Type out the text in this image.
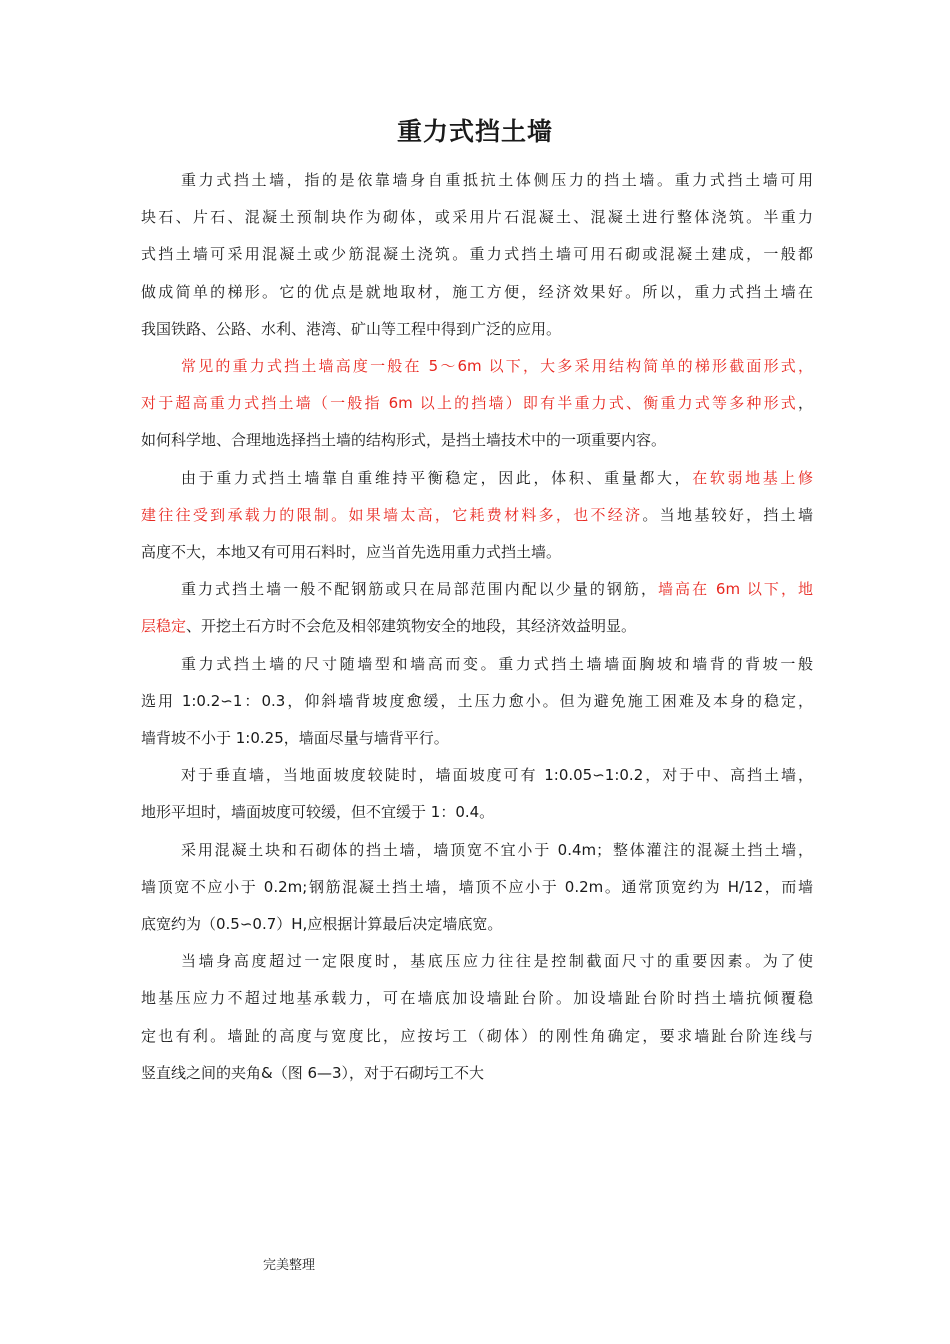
重力式挡土墙
重力式挡土墙，指的是依靠墙身自重抵抗土体侧压力的挡土墙。重力式挡土墙可用
块石、片石、混凝土预制块作为砌体，或采用片石混凝土、混凝土进行整体浇筑。半重力
式挡土墙可采用混凝土或少筋混凝土浇筑。重力式挡土墙可用石砌或混凝土建成，一般都
做成简单的梯形。它的优点是就地取材，施工方便，经济效果好。所以，重力式挡土墙在
我国铁路、公路、水利、港湾、矿山等工程中得到广泛的应用。
常见的重力式挡土墙高度一般在 5～6m 以下，大多采用结构简单的梯形截面形式，
对于超高重力式挡土墙（一般指 6m 以上的挡墙）即有半重力式、衡重力式等多种形式，
如何科学地、合理地选择挡土墙的结构形式，是挡土墙技术中的一项重要内容。
由于重力式挡土墙靠自重维持平衡稳定，因此，体积、重量都大，在软弱地基上修
建往往受到承载力的限制。如果墙太高，它耗费材料多，也不经济。当地基较好，挡土墙
高度不大，本地又有可用石料时，应当首先选用重力式挡土墙。
重力式挡土墙一般不配钢筋或只在局部范围内配以少量的钢筋，墙高在 6m 以下，地
层稳定、开挖土石方时不会危及相邻建筑物安全的地段，其经济效益明显。
重力式挡土墙的尺寸随墙型和墙高而变。重力式挡土墙墙面胸坡和墙背的背坡一般
选用 1:0.2∽1：0.3，仰斜墙背坡度愈缓，土压力愈小。但为避免施工困难及本身的稳定，
墙背坡不小于 1:0.25，墙面尽量与墙背平行。
对于垂直墙，当地面坡度较陡时，墙面坡度可有 1:0.05∽1:0.2，对于中、高挡土墙，
地形平坦时，墙面坡度可较缓，但不宜缓于 1：0.4。
采用混凝土块和石砌体的挡土墙，墙顶宽不宜小于 0.4m；整体灌注的混凝土挡土墙，
墙顶宽不应小于 0.2m;钢筋混凝土挡土墙，墙顶不应小于 0.2m。通常顶宽约为 H/12，而墙
底宽约为（0.5∽0.7）H,应根据计算最后决定墙底宽。
当墙身高度超过一定限度时，基底压应力往往是控制截面尺寸的重要因素。为了使
地基压应力不超过地基承载力，可在墙底加设墙趾台阶。加设墙趾台阶时挡土墙抗倾覆稳
定也有利。墙趾的高度与宽度比，应按圬工（砌体）的刚性角确定，要求墙趾台阶连线与
竖直线之间的夹角&（图 6—3），对于石砌圬工不大
完美整理
